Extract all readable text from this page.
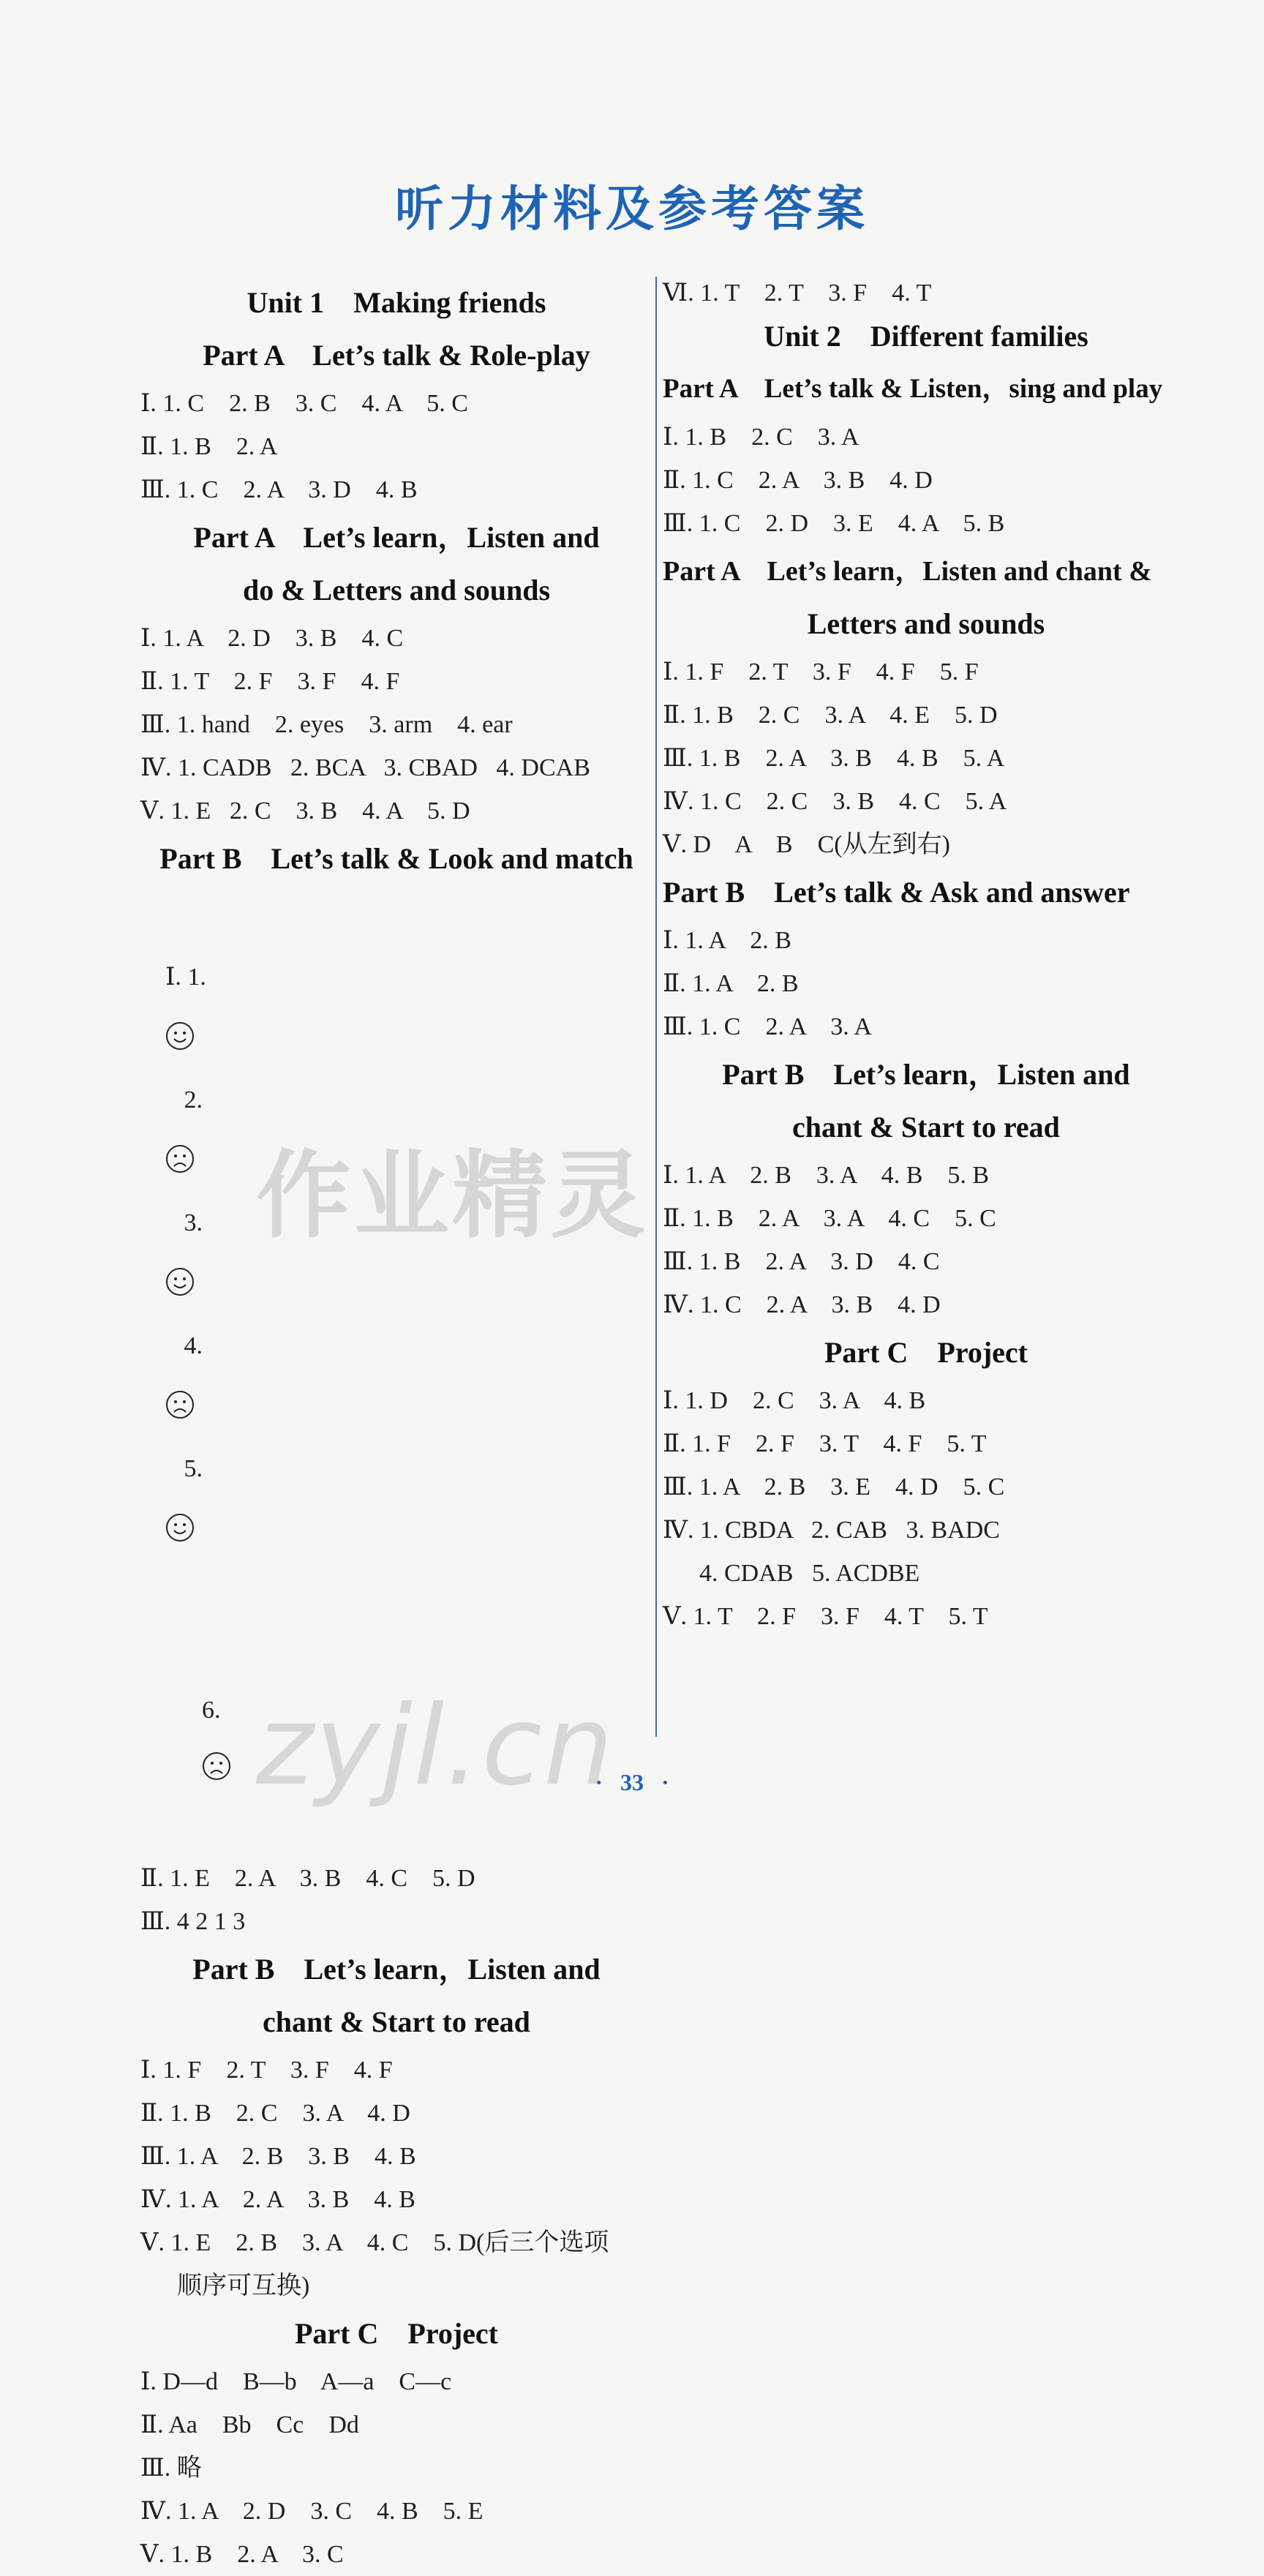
听力材料及参考答案
Unit 1    Making friends
Part A    Let’s talk & Role-play
Ⅰ. 1. C    2. B    3. C    4. A    5. C
Ⅱ. 1. B    2. A
Ⅲ. 1. C    2. A    3. D    4. B
Part A    Let’s learn，Listen and
do & Letters and sounds
Ⅰ. 1. A    2. D    3. B    4. C
Ⅱ. 1. T    2. F    3. F    4. F
Ⅲ. 1. hand    2. eyes    3. arm    4. ear
Ⅳ. 1. CADB   2. BCA   3. CBAD   4. DCAB
Ⅴ. 1. E   2. C    3. B    4. A    5. D
Part B    Let’s talk & Look and match

Ⅰ. 1.

2.

3.

4.

5.

6.

Ⅱ. 1. E    2. A    3. B    4. C    5. D
Ⅲ. 4 2 1 3
Part B    Let’s learn，Listen and
chant & Start to read
Ⅰ. 1. F    2. T    3. F    4. F
Ⅱ. 1. B    2. C    3. A    4. D
Ⅲ. 1. A    2. B    3. B    4. B
Ⅳ. 1. A    2. A    3. B    4. B
Ⅴ. 1. E    2. B    3. A    4. C    5. D(后三个选项
顺序可互换)
Part C    Project
Ⅰ. D—d    B—b    A—a    C—c
Ⅱ. Aa    Bb    Cc    Dd
Ⅲ. 略
Ⅳ. 1. A    2. D    3. C    4. B    5. E
Ⅴ. 1. B    2. A    3. C
Ⅵ. 1. T    2. T    3. F    4. T
Unit 2    Different families
Part A    Let’s talk & Listen，sing and play
Ⅰ. 1. B    2. C    3. A
Ⅱ. 1. C    2. A    3. B    4. D
Ⅲ. 1. C    2. D    3. E    4. A    5. B
Part A    Let’s learn，Listen and chant &
Letters and sounds
Ⅰ. 1. F    2. T    3. F    4. F    5. F
Ⅱ. 1. B    2. C    3. A    4. E    5. D
Ⅲ. 1. B    2. A    3. B    4. B    5. A
Ⅳ. 1. C    2. C    3. B    4. C    5. A
Ⅴ. D    A    B    C(从左到右)
Part B    Let’s talk & Ask and answer
Ⅰ. 1. A    2. B
Ⅱ. 1. A    2. B
Ⅲ. 1. C    2. A    3. A
Part B    Let’s learn，Listen and
chant & Start to read
Ⅰ. 1. A    2. B    3. A    4. B    5. B
Ⅱ. 1. B    2. A    3. A    4. C    5. C
Ⅲ. 1. B    2. A    3. D    4. C
Ⅳ. 1. C    2. A    3. B    4. D
Part C    Project
Ⅰ. 1. D    2. C    3. A    4. B
Ⅱ. 1. F    2. F    3. T    4. F    5. T
Ⅲ. 1. A    2. B    3. E    4. D    5. C
Ⅳ. 1. CBDA   2. CAB   3. BADC
4. CDAB   5. ACDBE
Ⅴ. 1. T    2. F    3. F    4. T    5. T
作业精灵
zyjl.cn
·   33   ·
